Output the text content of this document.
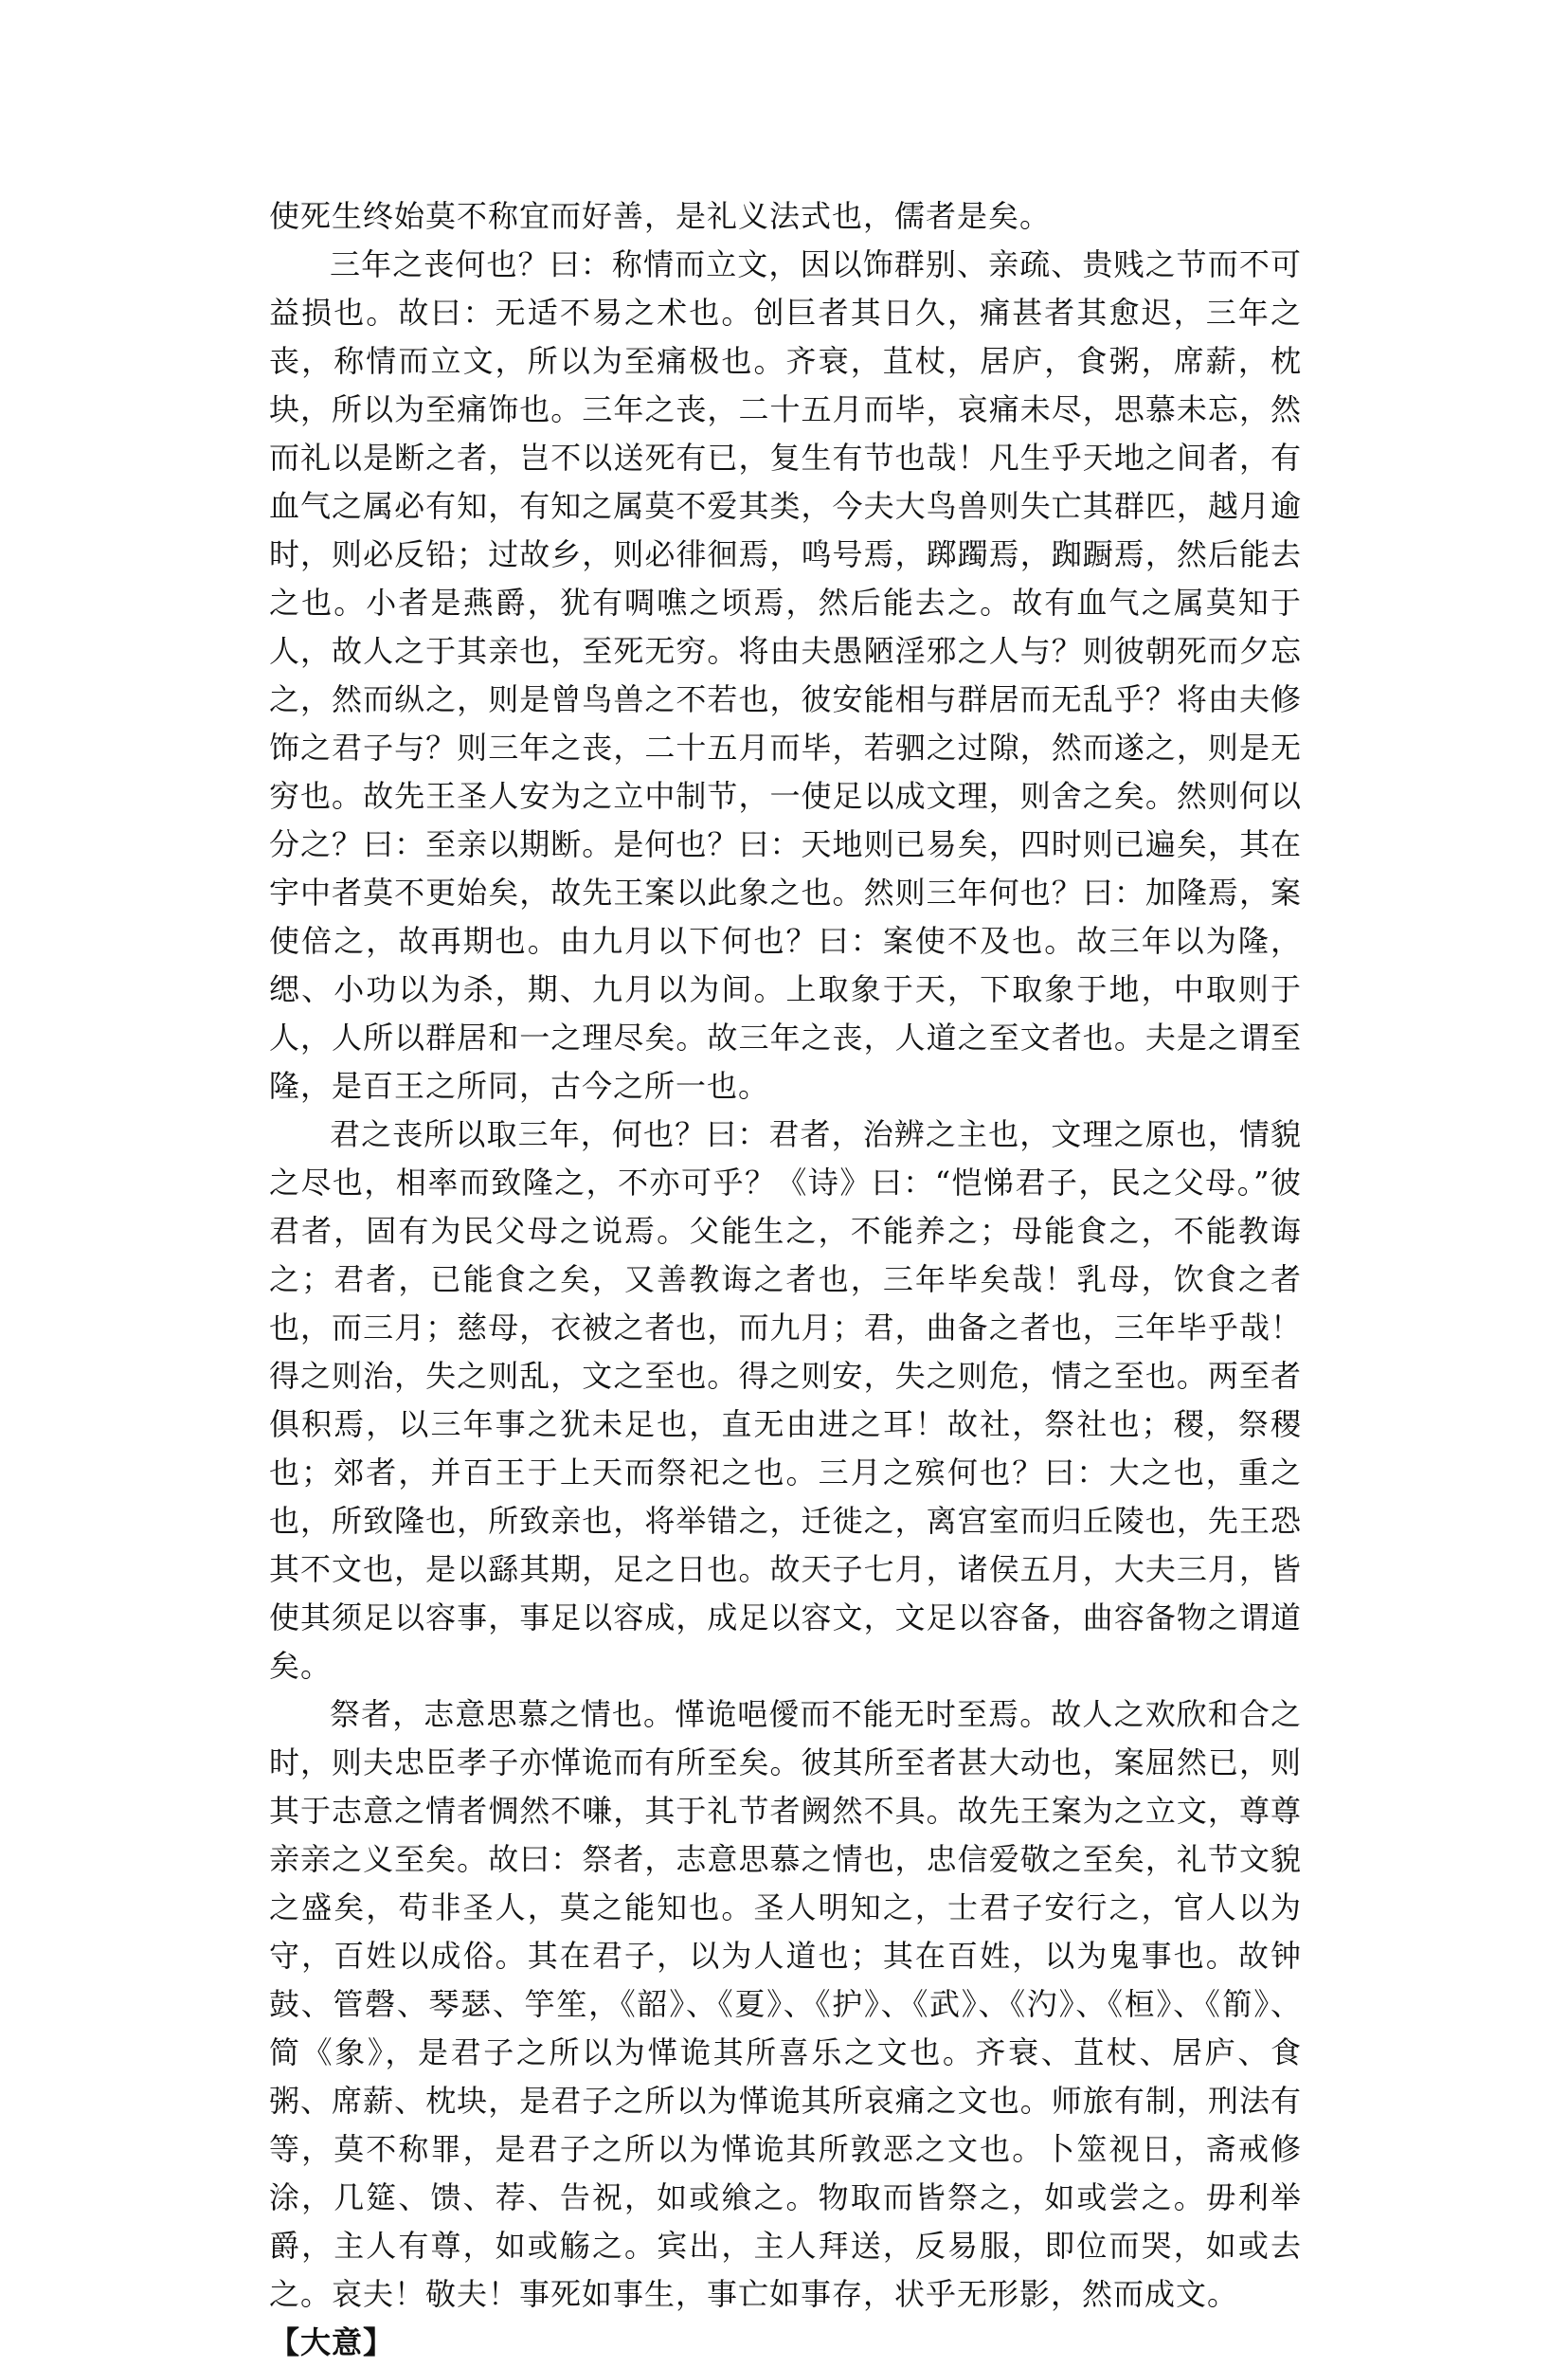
使死生终始莫不称宜而好善，是礼义法式也，儒者是矣。

三年之丧何也？曰：称情而立文，因以饰群别、亲疏、贵贱之节而不可益损也。故曰：无适不易之术也。创巨者其日久，痛甚者其愈迟，三年之丧，称情而立文，所以为至痛极也。齐衰，苴杖，居庐，食粥，席薪，枕块，所以为至痛饰也。三年之丧，二十五月而毕，哀痛未尽，思慕未忘，然而礼以是断之者，岂不以送死有已，复生有节也哉！凡生乎天地之间者，有血气之属必有知，有知之属莫不爱其类，今夫大鸟兽则失亡其群匹，越月逾时，则必反铅；过故乡，则必徘徊焉，鸣号焉，踯躅焉，踟蹰焉，然后能去之也。小者是燕爵，犹有啁噍之顷焉，然后能去之。故有血气之属莫知于人，故人之于其亲也，至死无穷。将由夫愚陋淫邪之人与？则彼朝死而夕忘之，然而纵之，则是曾鸟兽之不若也，彼安能相与群居而无乱乎？将由夫修饰之君子与？则三年之丧，二十五月而毕，若驷之过隙，然而遂之，则是无穷也。故先王圣人安为之立中制节，一使足以成文理，则舍之矣。然则何以分之？曰：至亲以期断。是何也？曰：天地则已易矣，四时则已遍矣，其在宇中者莫不更始矣，故先王案以此象之也。然则三年何也？曰：加隆焉，案使倍之，故再期也。由九月以下何也？曰：案使不及也。故三年以为隆，缌、小功以为杀，期、九月以为间。上取象于天，下取象于地，中取则于人，人所以群居和一之理尽矣。故三年之丧，人道之至文者也。夫是之谓至隆，是百王之所同，古今之所一也。

君之丧所以取三年，何也？曰：君者，治辨之主也，文理之原也，情貌之尽也，相率而致隆之，不亦可乎？《诗》曰：“恺悌君子，民之父母。”彼君者，固有为民父母之说焉。父能生之，不能养之；母能食之，不能教诲之；君者，已能食之矣，又善教诲之者也，三年毕矣哉！乳母，饮食之者也，而三月；慈母，衣被之者也，而九月；君，曲备之者也，三年毕乎哉！得之则治，失之则乱，文之至也。得之则安，失之则危，情之至也。两至者俱积焉，以三年事之犹未足也，直无由进之耳！故社，祭社也；稷，祭稷也；郊者，并百王于上天而祭祀之也。三月之殡何也？曰：大之也，重之也，所致隆也，所致亲也，将举错之，迁徙之，离宫室而归丘陵也，先王恐其不文也，是以繇其期，足之日也。故天子七月，诸侯五月，大夫三月，皆使其须足以容事，事足以容成，成足以容文，文足以容备，曲容备物之谓道矣。

祭者，志意思慕之情也。愅诡唈僾而不能无时至焉。故人之欢欣和合之时，则夫忠臣孝子亦愅诡而有所至矣。彼其所至者甚大动也，案屈然已，则其于志意之情者惆然不嗛，其于礼节者阙然不具。故先王案为之立文，尊尊亲亲之义至矣。故曰：祭者，志意思慕之情也，忠信爱敬之至矣，礼节文貌之盛矣，苟非圣人，莫之能知也。圣人明知之，士君子安行之，官人以为守，百姓以成俗。其在君子，以为人道也；其在百姓，以为鬼事也。故钟鼓、管磬、琴瑟、竽笙，《韶》、《夏》、《护》、《武》、《汋》、《桓》、《箾》、简《象》，是君子之所以为愅诡其所喜乐之文也。齐衰、苴杖、居庐、食粥、席薪、枕块，是君子之所以为愅诡其所哀痛之文也。师旅有制，刑法有等，莫不称罪，是君子之所以为愅诡其所敦恶之文也。卜筮视日，斋戒修涂，几筵、馈、荐、告祝，如或飨之。物取而皆祭之，如或尝之。毋利举爵，主人有尊，如或觞之。宾出，主人拜送，反易服，即位而哭，如或去之。哀夫！敬夫！事死如事生，事亡如事存，状乎无形影，然而成文。

【大意】
